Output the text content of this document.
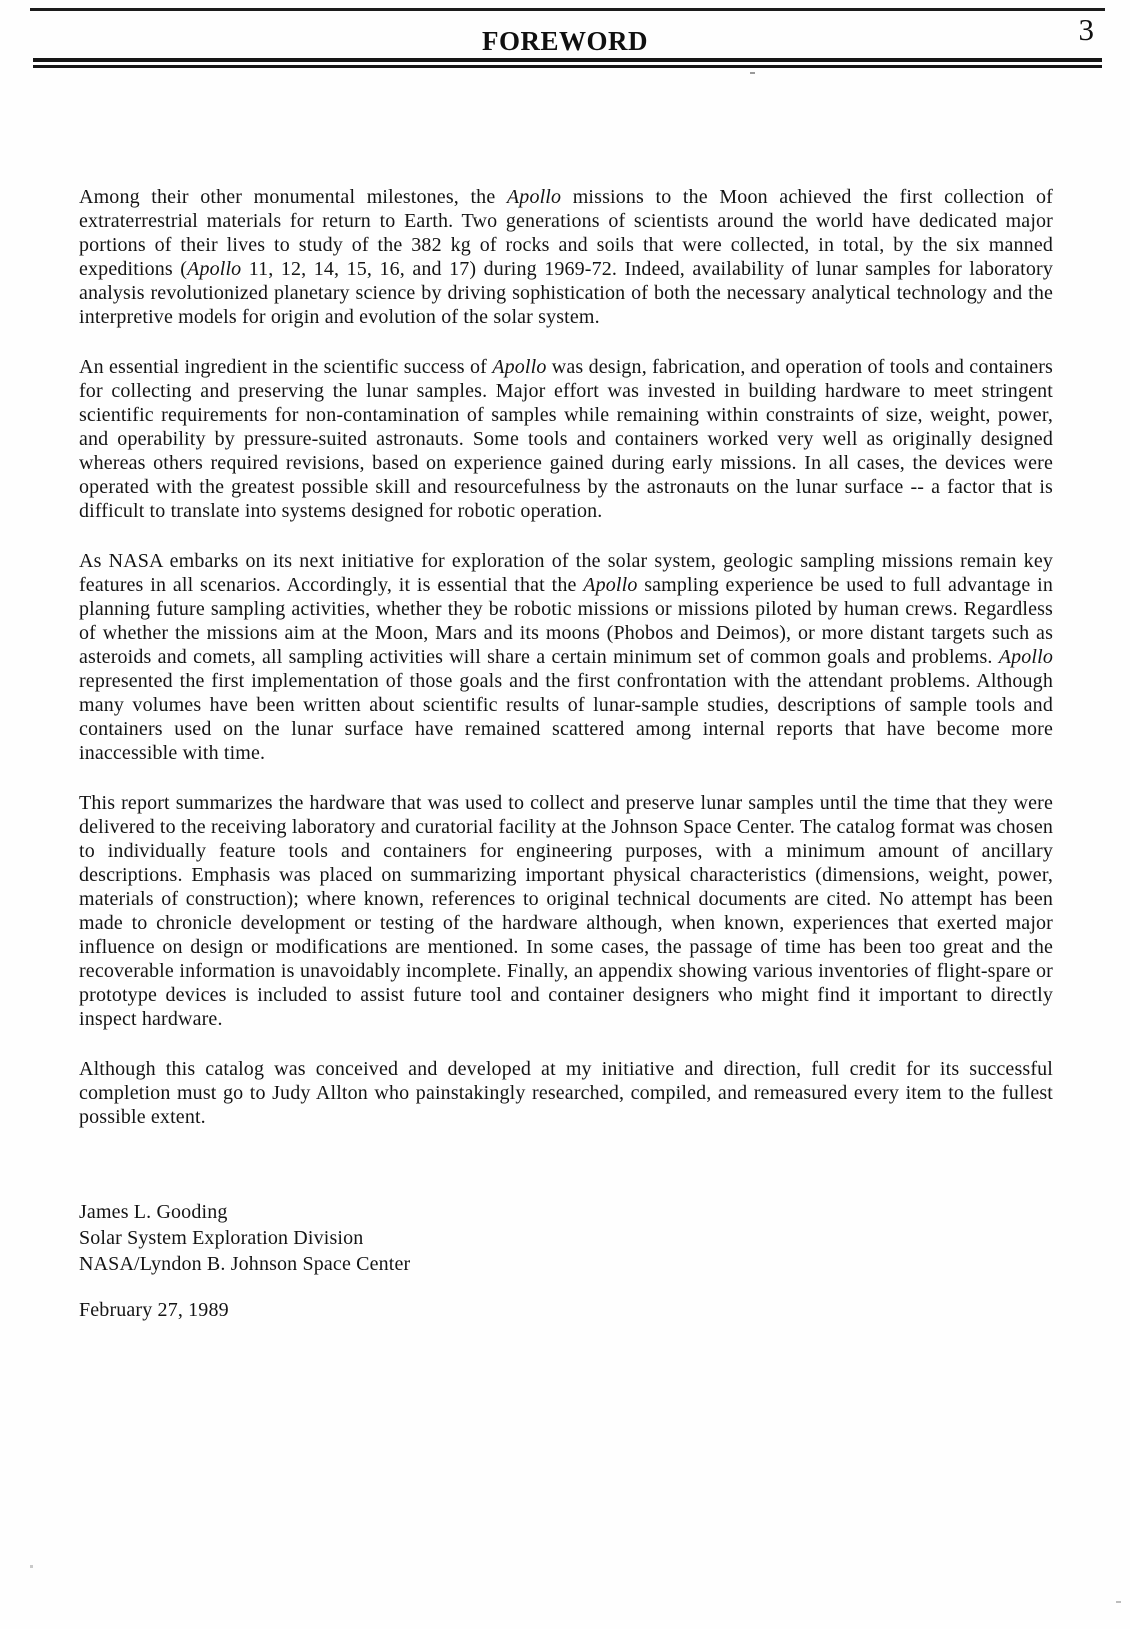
FOREWORD	3

Among their other monumental milestones, the Apollo missions to the Moon achieved the first collection of extraterrestrial materials for return to Earth. Two generations of scientists around the world have dedicated major portions of their lives to study of the 382 kg of rocks and soils that were collected, in total, by the six manned expeditions (Apollo 11, 12, 14, 15, 16, and 17) during 1969-72. Indeed, availability of lunar samples for laboratory analysis revolutionized planetary science by driving sophistication of both the necessary analytical technology and the interpretive models for origin and evolution of the solar system.

An essential ingredient in the scientific success of Apollo was design, fabrication, and operation of tools and containers for collecting and preserving the lunar samples. Major effort was invested in building hardware to meet stringent scientific requirements for non-contamination of samples while remaining within constraints of size, weight, power, and operability by pressure-suited astronauts. Some tools and containers worked very well as originally designed whereas others required revisions, based on experience gained during early missions. In all cases, the devices were operated with the greatest possible skill and resourcefulness by the astronauts on the lunar surface -- a factor that is difficult to translate into systems designed for robotic operation.

As NASA embarks on its next initiative for exploration of the solar system, geologic sampling missions remain key features in all scenarios. Accordingly, it is essential that the Apollo sampling experience be used to full advantage in planning future sampling activities, whether they be robotic missions or missions piloted by human crews. Regardless of whether the missions aim at the Moon, Mars and its moons (Phobos and Deimos), or more distant targets such as asteroids and comets, all sampling activities will share a certain minimum set of common goals and problems. Apollo represented the first implementation of those goals and the first confrontation with the attendant problems. Although many volumes have been written about scientific results of lunar-sample studies, descriptions of sample tools and containers used on the lunar surface have remained scattered among internal reports that have become more inaccessible with time.

This report summarizes the hardware that was used to collect and preserve lunar samples until the time that they were delivered to the receiving laboratory and curatorial facility at the Johnson Space Center. The catalog format was chosen to individually feature tools and containers for engineering purposes, with a minimum amount of ancillary descriptions. Emphasis was placed on summarizing important physical characteristics (dimensions, weight, power, materials of construction); where known, references to original technical documents are cited. No attempt has been made to chronicle development or testing of the hardware although, when known, experiences that exerted major influence on design or modifications are mentioned. In some cases, the passage of time has been too great and the recoverable information is unavoidably incomplete. Finally, an appendix showing various inventories of flight-spare or prototype devices is included to assist future tool and container designers who might find it important to directly inspect hardware.

Although this catalog was conceived and developed at my initiative and direction, full credit for its successful completion must go to Judy Allton who painstakingly researched, compiled, and remeasured every item to the fullest possible extent.

James L. Gooding
Solar System Exploration Division
NASA/Lyndon B. Johnson Space Center
February 27, 1989
